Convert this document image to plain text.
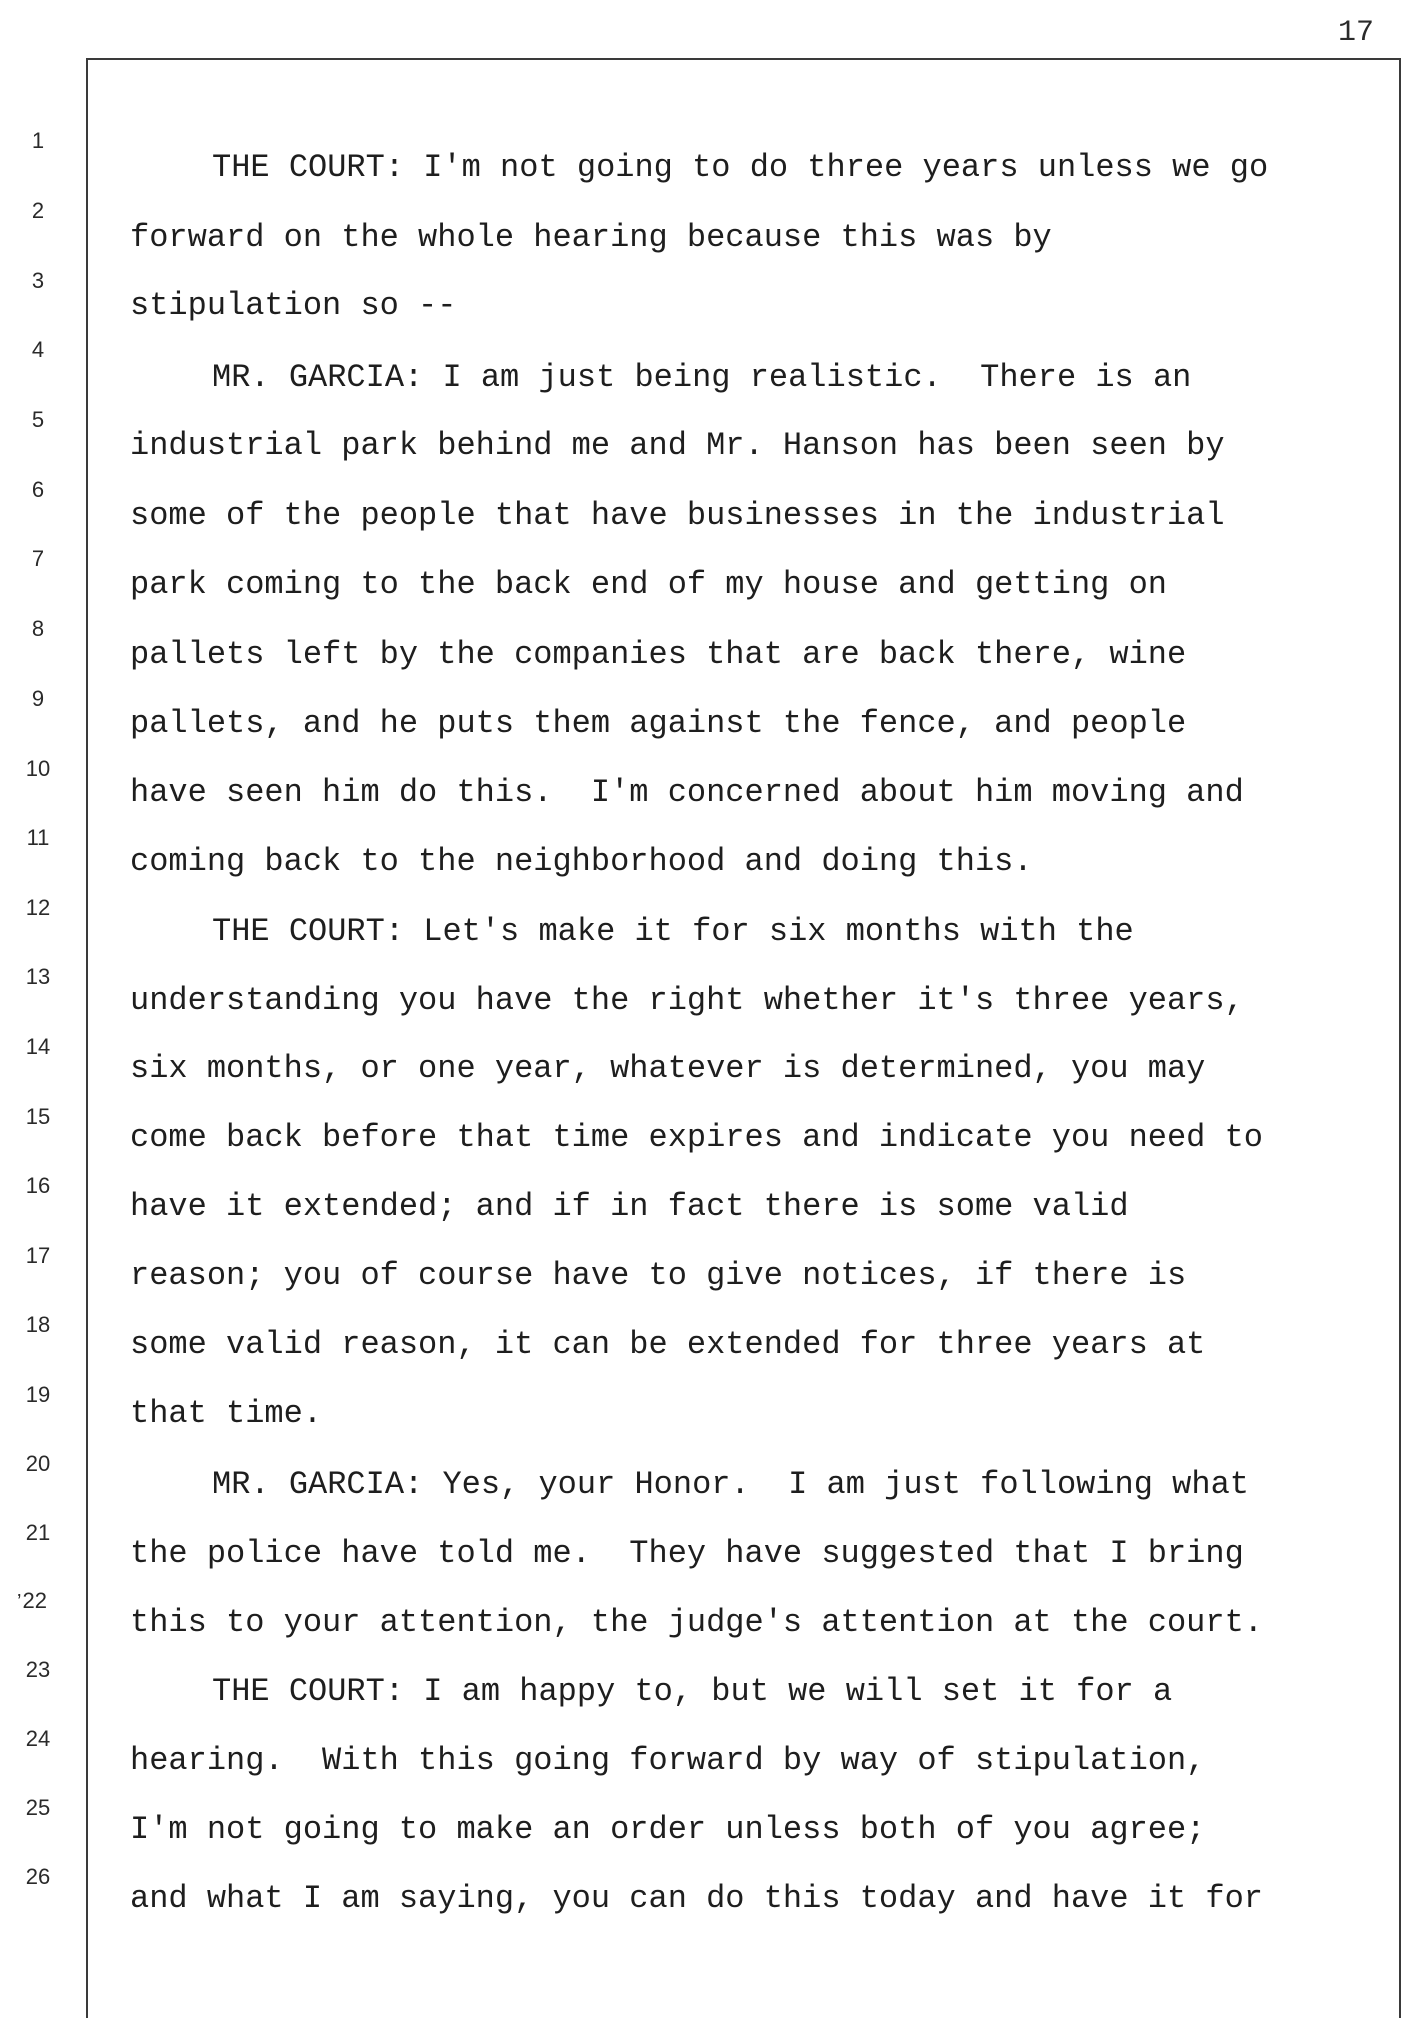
17
1
2
3
4
5
6
7
8
9
10
11
12
13
14
15
16
17
18
19
20
21
’22
23
24
25
26
THE COURT: I'm not going to do three years unless we go
forward on the whole hearing because this was by
stipulation so --
MR. GARCIA: I am just being realistic.  There is an
industrial park behind me and Mr. Hanson has been seen by
some of the people that have businesses in the industrial
park coming to the back end of my house and getting on
pallets left by the companies that are back there, wine
pallets, and he puts them against the fence, and people
have seen him do this.  I'm concerned about him moving and
coming back to the neighborhood and doing this.
THE COURT: Let's make it for six months with the
understanding you have the right whether it's three years,
six months, or one year, whatever is determined, you may
come back before that time expires and indicate you need to
have it extended; and if in fact there is some valid
reason; you of course have to give notices, if there is
some valid reason, it can be extended for three years at
that time.
MR. GARCIA: Yes, your Honor.  I am just following what
the police have told me.  They have suggested that I bring
this to your attention, the judge's attention at the court.
THE COURT: I am happy to, but we will set it for a
hearing.  With this going forward by way of stipulation,
I'm not going to make an order unless both of you agree;
and what I am saying, you can do this today and have it for
